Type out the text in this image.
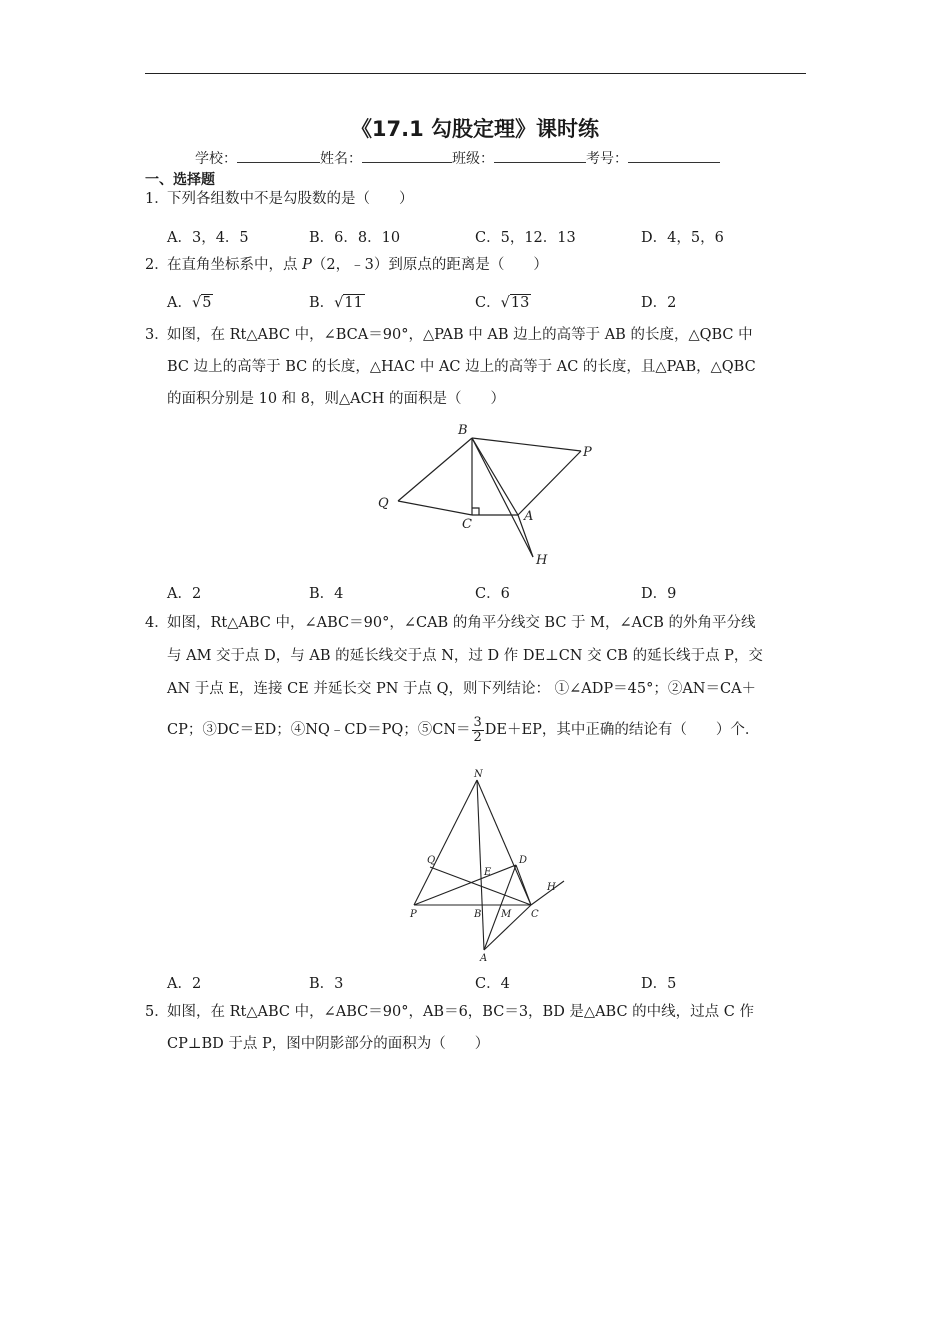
《17.1 勾股定理》课时练
学校：	姓名：	班级：	考号：
一、选择题
1．下列各组数中不是勾股数的是（　　）
A．3，4．5	B．6．8．10	C．5，12．13	D．4，5，6
2．在直角坐标系中，点 P（2，﹣3）到原点的距离是（　　）
A．√5	B．√11	C．√13	D．2
3．如图，在 Rt△ABC 中，∠BCA＝90°，△PAB 中 AB 边上的高等于 AB 的长度，△QBC 中
BC 边上的高等于 BC 的长度，△HAC 中 AC 边上的高等于 AC 的长度，且△PAB，△QBC
的面积分别是 10 和 8，则△ACH 的面积是（　　）
B
P
Q
C
A
H
A．2	B．4	C．6	D．9
4．如图，Rt△ABC 中，∠ABC＝90°，∠CAB 的角平分线交 BC 于 M，∠ACB 的外角平分线
与 AM 交于点 D，与 AB 的延长线交于点 N，过 D 作 DE⊥CN 交 CB 的延长线于点 P，交
AN 于点 E，连接 CE 并延长交 PN 于点 Q，则下列结论： ①∠ADP＝45°；②AN＝CA＋
CP；③DC＝ED；④NQ﹣CD＝PQ；⑤CN＝ $\frac{3}{2} DE+EP$，其中正确的结论有（　　）个．
N
Q
E
D
H
P	B M C
A
A．2	B．3	C．4	D．5
5．如图，在 Rt△ABC 中，∠ABC＝90°，AB＝6，BC＝3，BD 是△ABC 的中线，过点 C 作
CP⊥BD 于点 P，图中阴影部分的面积为（　　）
